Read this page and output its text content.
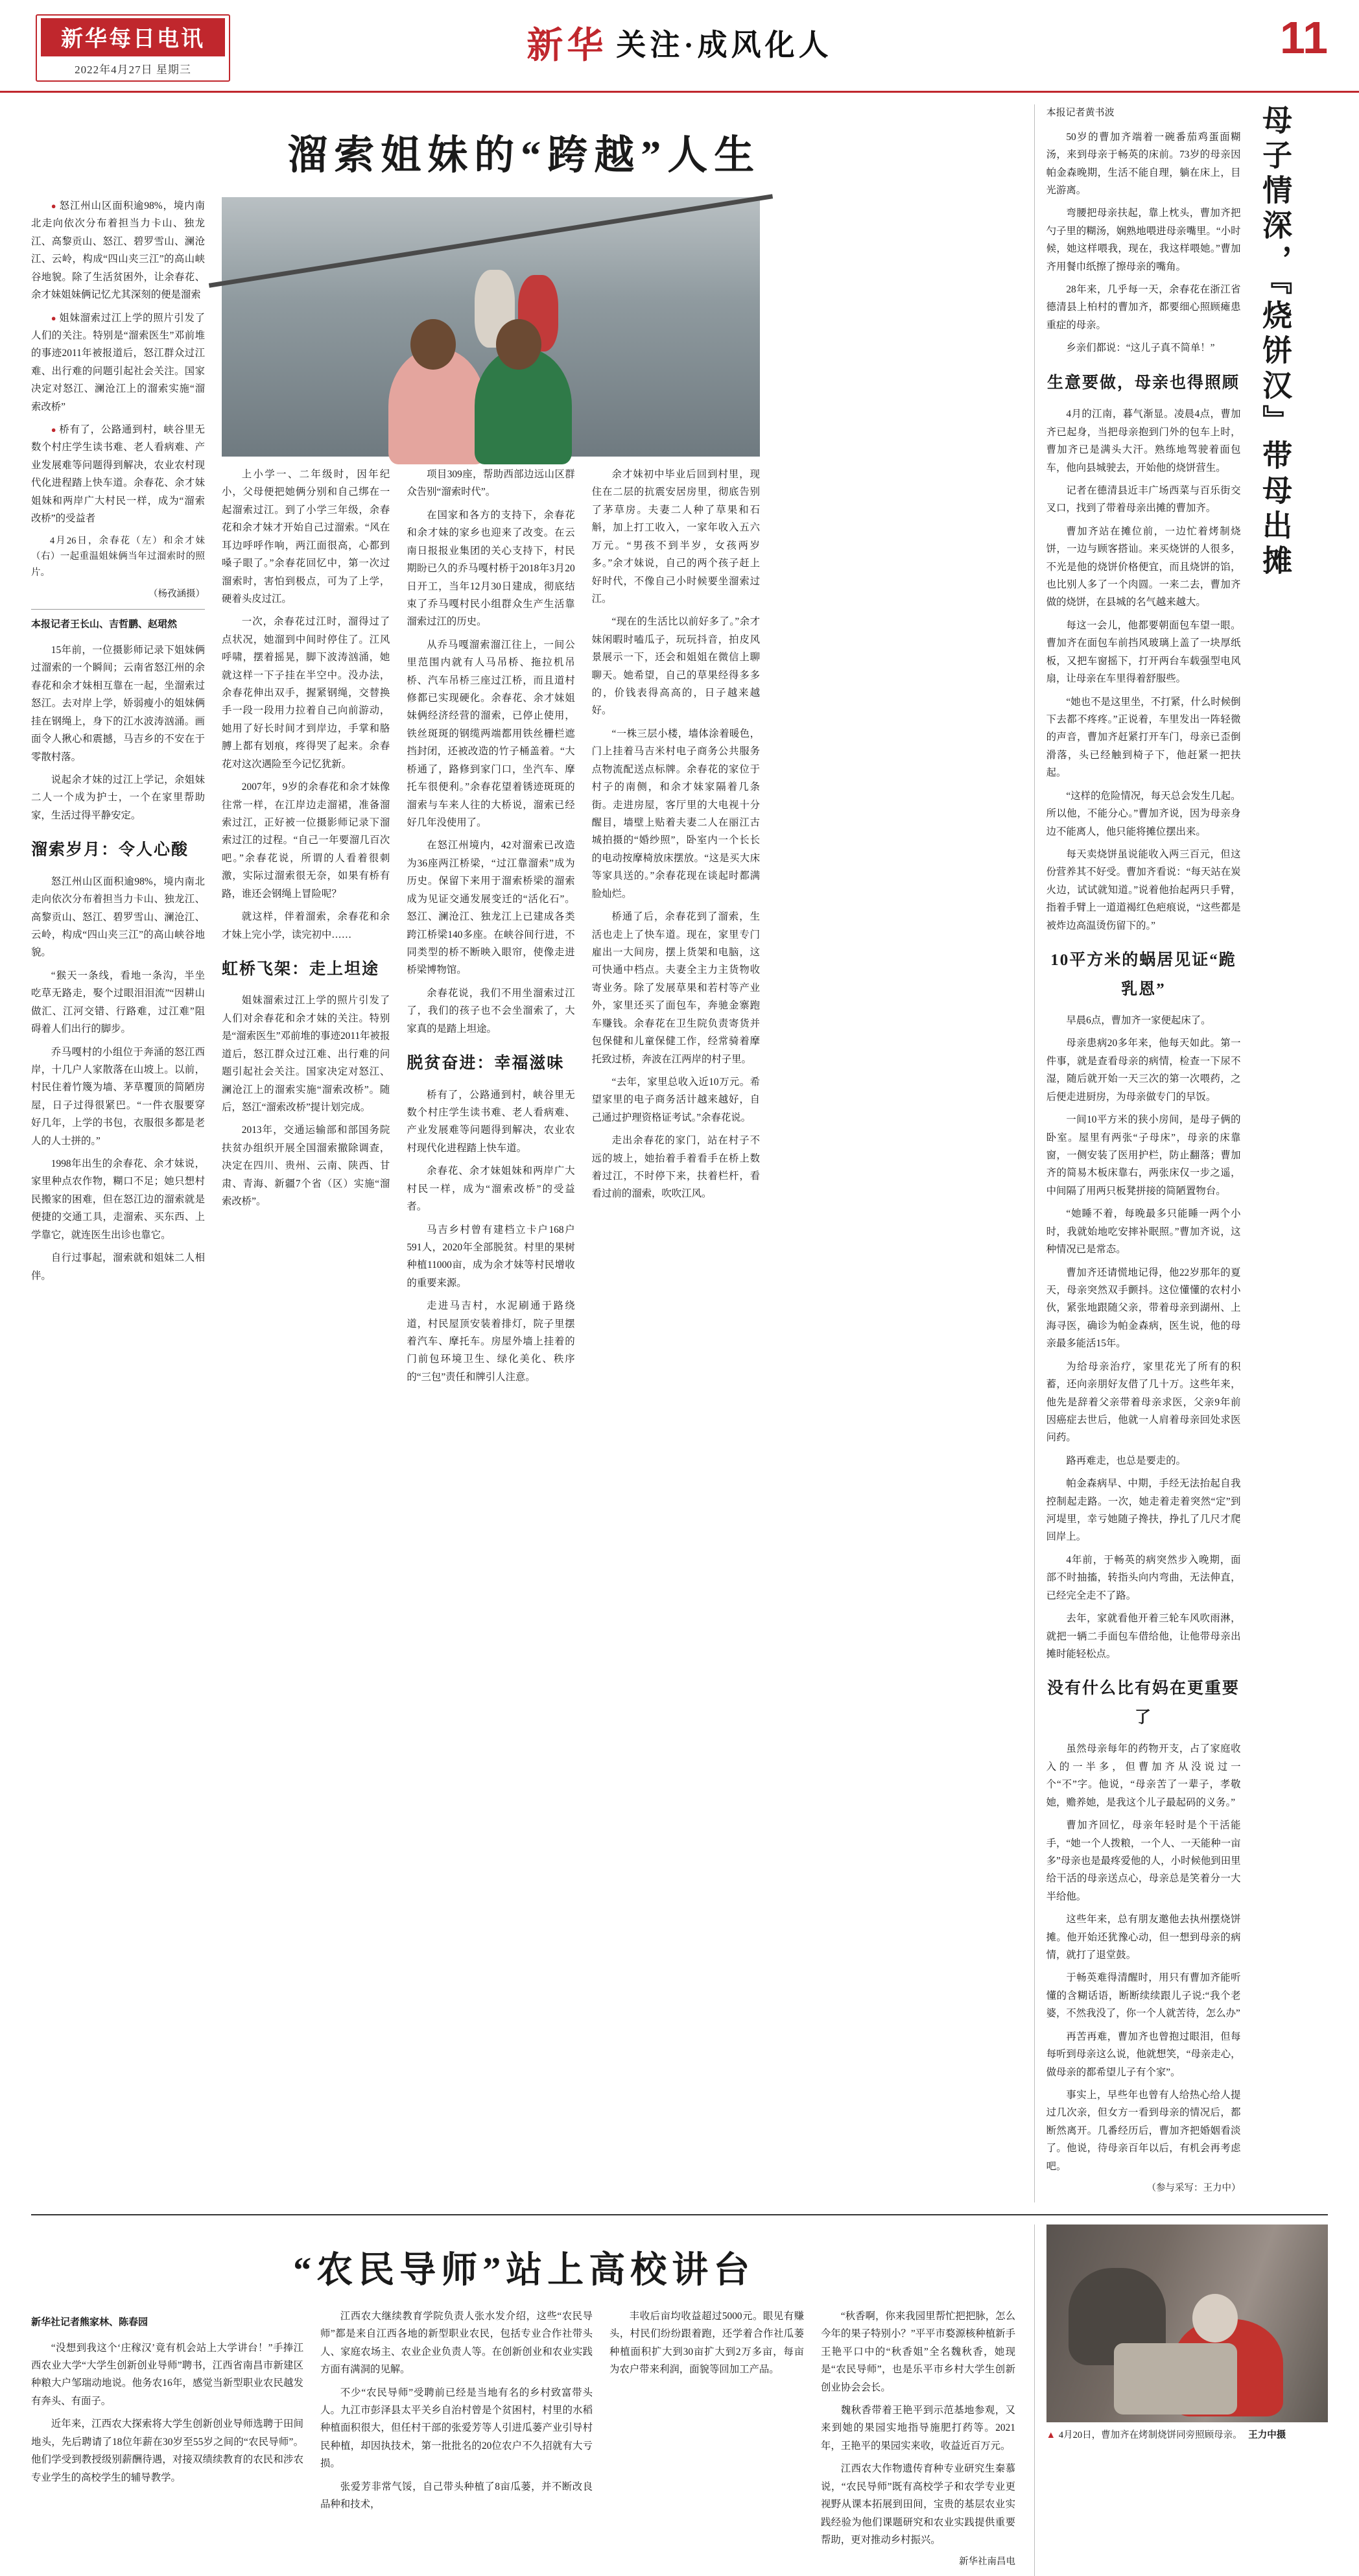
新华每日电讯
2022年4月27日 星期三
新华 关注·成风化人	11
溜索姐妹的“跨越”人生

● 怒江州山区面积逾98%，境内南北走向依次分布着担当力卡山、独龙江、高黎贡山、怒江、碧罗雪山、澜沧江、云岭，构成“四山夹三江”的高山峡谷地貌。除了生活贫困外，让余春花、余才妹姐妹俩记忆尤其深刻的便是溜索

● 姐妹溜索过江上学的照片引发了人们的关注。特别是“溜索医生”邓前堆的事迹2011年被报道后，怒江群众过江难、出行难的问题引起社会关注。国家决定对怒江、澜沧江上的溜索实施“溜索改桥”

● 桥有了，公路通到村，峡谷里无数个村庄学生读书难、老人看病难、产业发展难等问题得到解决，农业农村现代化进程踏上快车道。余春花、余才妹姐妹和两岸广大村民一样，成为“溜索改桥”的受益者

4月26日，余春花（左）和余才妹（右）一起重温姐妹俩当年过溜索时的照片。

（杨孜涵摄）

本报记者王长山、吉哲鹏、赵珺然

15年前，一位摄影师记录下姐妹俩过溜索的一个瞬间；云南省怒江州的余春花和余才妹相互靠在一起，坐溜索过怒江。去对岸上学，娇弱瘦小的姐妹俩挂在钢绳上，身下的江水波涛汹涌。画面令人揪心和震撼，马吉乡的不安在于零散村落。

说起余才妹的过江上学记，余姐妹二人一个成为护士，一个在家里帮助家，生活过得平静安定。

溜索岁月：令人心酸

怒江州山区面积逾98%，境内南北走向依次分布着担当力卡山、独龙江、高黎贡山、怒江、碧罗雪山、澜沧江、云岭，构成“四山夹三江”的高山峡谷地貌。

“猴天一条线，看地一条沟，半坐吃草无路走，娶个过眼泪泪流”“因耕山做汇、江河交错、行路难，过江难”阻碍着人们出行的脚步。

乔马嘎村的小组位于奔涌的怒江西岸，十几户人家散落在山坡上。以前，村民住着竹篾为墙、茅草覆顶的简陋房屋，日子过得很紧巴。“一件衣服要穿好几年，上学的书包，衣服很多都是老人的人士拼的。”

1998年出生的余春花、余才妹说，家里种点农作物，糊口不足；她只想村民搬家的困难，但在怒江边的溜索就是便捷的交通工具，走溜索、买东西、上学靠它，就连医生出诊也靠它。

自行过事起，溜索就和姐妹二人相伴。

上小学一、二年级时，因年纪小，父母便把她俩分别和自己绑在一起溜索过江。到了小学三年级，余春花和余才妹才开始自己过溜索。“风在耳边呼呼作响，两江面很高，心都到嗓子眼了。”余春花回忆中，第一次过溜索时，害怕到极点，可为了上学，硬着头皮过江。

一次，余春花过江时，溜得过了点状况，她溜到中间时停住了。江风呼啸，摆着摇晃，脚下波涛汹涌，她就这样一下子挂在半空中。没办法，余春花伸出双手，握紧钢绳，交替换手一段一段用力拉着自己向前游动，她用了好长时间才到岸边，手掌和胳膊上都有划痕，疼得哭了起来。余春花对这次遇险至今记忆犹新。

2007年，9岁的余春花和余才妹像往常一样，在江岸边走溜裙，准备溜索过江，正好被一位摄影师记录下溜索过江的过程。“自己一年要溜几百次吧。”余春花说，所谓的人看着很刺激，实际过溜索很无奈，如果有桥有路，谁还会钢绳上冒险呢？

就这样，伴着溜索，余春花和余才妹上完小学，读完初中……

虹桥飞架：走上坦途

姐妹溜索过江上学的照片引发了人们对余春花和余才妹的关注。特别是“溜索医生”邓前堆的事迹2011年被报道后，怒江群众过江难、出行难的问题引起社会关注。国家决定对怒江、澜沧江上的溜索实施“溜索改桥”。随后，怒江“溜索改桥”提计划完成。

2013年，交通运输部和部国务院扶贫办组织开展全国溜索撤除调查，决定在四川、贵州、云南、陕西、甘肃、青海、新疆7个省（区）实施“溜索改桥”。

项目309座，帮助西部边远山区群众告别“溜索时代”。

在国家和各方的支持下，余春花和余才妹的家乡也迎来了改变。在云南日报报业集团的关心支持下，村民期盼已久的乔马嘎村桥于2018年3月20日开工，当年12月30日建成，彻底结束了乔马嘎村民小组群众生产生活靠溜索过江的历史。

从乔马嘎溜索溜江往上，一间公里范围内就有人马吊桥、拖拉机吊桥、汽车吊桥三座过江桥，而且道村修都已实现硬化。余春花、余才妹姐妹俩经济经营的溜索，已停止使用，铁丝斑斑的钢缆两端都用铁丝栅栏遮挡封闭，还被改造的竹子桶盖着。“大桥通了，路修到家门口，坐汽车、摩托车很便利。”余春花望着锈迹斑斑的溜索与车来人往的大桥说，溜索已经好几年没使用了。

在怒江州境内，42对溜索已改造为36座两江桥梁，“过江靠溜索”成为历史。保留下来用于溜索桥梁的溜索成为见证交通发展变迁的“活化石”。怒江、澜沧江、独龙江上已建成各类跨江桥梁140多座。在峡谷间行进，不同类型的桥不断映入眼帘，使像走进桥梁博物馆。

余春花说，我们不用坐溜索过江了，我们的孩子也不会坐溜索了，大家真的是踏上坦途。

脱贫奋进：幸福滋味

桥有了，公路通到村，峡谷里无数个村庄学生读书难、老人看病难、产业发展难等问题得到解决，农业农村现代化进程踏上快车道。

余春花、余才妹姐妹和两岸广大村民一样，成为“溜索改桥”的受益者。

马吉乡村曾有建档立卡户168户591人，2020年全部脱贫。村里的果树种植11000亩，成为余才妹等村民增收的重要来源。

走进马吉村，水泥刷通于路绕道，村民屋顶安装着排灯，院子里摆着汽车、摩托车。房屋外墙上挂着的门前包环境卫生、绿化美化、秩序的“三包”责任和牌引人注意。

余才妹初中毕业后回到村里，现住在二层的抗震安居房里，彻底告别了茅草房。夫妻二人种了草果和石斛，加上打工收入，一家年收入五六万元。“男孩不到半岁，女孩两岁多。”余才妹说，自己的两个孩子赶上好时代，不像自己小时候要坐溜索过江。

“现在的生活比以前好多了。”余才妹闲暇时嗑瓜子，玩玩抖音，拍皮风景展示一下，还会和姐姐在微信上聊聊天。她希望，自己的草果经得多多的，价钱表得高高的，日子越来越好。

“一株三层小楼，墙体涂着暖色，门上挂着马吉米村电子商务公共服务点物流配送点标牌。余春花的家位于村子的南侧，和余才妹家隔着几条街。走进房屋，客厅里的大电视十分醒目，墙壁上贴着夫妻二人在丽江古城拍摄的“婚纱照”，卧室内一个长长的电动按摩椅放床摆放。“这是买大床等家具送的。”余春花现在谈起时都满脸灿烂。

桥通了后，余春花到了溜索，生活也走上了快车道。现在，家里专门雇出一大间房，摆上货架和电脑，这可快通中档点。夫妻全主力主货物收寄业务。除了发展草果和若村等产业外，家里还买了面包车，奔驰金寨跑车赚钱。余春花在卫生院负责寄货并包保健和儿童保健工作，经常骑着摩托致过桥，奔波在江两岸的村子里。

“去年，家里总收入近10万元。希望家里的电子商务活计越来越好，自己通过护理资格证考试。”余春花说。

走出余春花的家门，站在村子不远的坡上，她抬着手着看手在桥上数着过江，不时停下来，扶着栏杆，看看过前的溜索，吹吹江风。

本报记者黄书波

50岁的曹加齐端着一碗番茄鸡蛋面糊汤，来到母亲于畅英的床前。73岁的母亲因帕金森晚期，生活不能自理，躺在床上，目光游离。

弯腰把母亲扶起，靠上枕头，曹加齐把勺子里的糊汤，娴熟地喂进母亲嘴里。“小时候，她这样喂我，现在，我这样喂她。”曹加齐用餐巾纸擦了擦母亲的嘴角。

28年来，几乎每一天，余春花在浙江省德清县上柏村的曹加齐，都要细心照顾瘫患重症的母亲。

乡亲们都说：“这儿子真不简单！”

生意要做，母亲也得照顾

4月的江南，暮气渐显。凌晨4点，曹加齐已起身，当把母亲抱到门外的包车上时，曹加齐已是满头大汗。熟练地驾驶着面包车，他向县城驶去，开始他的烧饼营生。

记者在德清县近丰广场西菜与百乐街交叉口，找到了带着母亲出摊的曹加齐。

曹加齐站在摊位前，一边忙着烤制烧饼，一边与顾客搭讪。来买烧饼的人很多，不光是他的烧饼价格便宜，而且烧饼的馅，也比别人多了一个肉圆。一来二去，曹加齐做的烧饼，在县城的名气越来越大。

每这一会儿，他都要朝面包车望一眼。曹加齐在面包车前挡风玻璃上盖了一块厚纸板，又把车窗摇下，打开两台车载强型电风扇，让母亲在车里得着舒服些。

“她也不是这里坐，不打紧，什么时候倒下去都不疼疼。”正说着，车里发出一阵轻微的声音，曹加齐赶紧打开车门，母亲已歪倒滑落，头已经触到椅子下，他赶紧一把扶起。

“这样的危险情况，每天总会发生几起。所以他，不能分心。”曹加齐说，因为母亲身边不能离人，他只能将摊位摆出来。

每天卖烧饼虽说能收入两三百元，但这份营养其不好受。曹加齐看说：“每天站在炭火边，试试就知道。”说着他抬起两只手臂，指着手臂上一道道褐红色疤痕说，“这些都是被炸边高温烫伤留下的。”

10平方米的蜗居见证“跪乳恩”

早晨6点，曹加齐一家便起床了。

母亲患病20多年来，他每天如此。第一件事，就是查看母亲的病情，检查一下尿不湿，随后就开始一天三次的第一次喂药，之后便走进厨房，为母亲做专门的早饭。

一间10平方米的狭小房间，是母子俩的卧室。屋里有两张“子母床”，母亲的床靠窗，一侧安装了医用护栏，防止翻落；曹加齐的简易木板床靠右，两张床仅一步之遥，中间隔了用两只板凳拼接的简陋置物台。

“她睡不着，每晚最多只能睡一两个小时，我就始地吃安摔补眠照。”曹加齐说，这种情况已是常态。

曹加齐还请慌地记得，他22岁那年的夏天，母亲突然双手颤抖。这位懂懂的农村小伙，紧张地跟随父亲，带着母亲到湖州、上海寻医，确诊为帕金森病，医生说，他的母亲最多能活15年。

为给母亲治疗，家里花光了所有的积蓄，还向亲朋好友借了几十万。这些年来，他先是辞着父亲带着母亲求医，父亲9年前因癌症去世后，他就一人肩着母亲回处求医问药。

路再难走，也总是要走的。

帕金森病早、中期，手经无法抬起自我控制起走路。一次，她走着走着突然“定”到河堤里，幸亏她随子搀扶，挣扎了几尺才爬回岸上。

4年前，于畅英的病突然步入晚期，面部不时抽搐，转指头向内弯曲，无法伸直，已经完全走不了路。

去年，家就看他开着三轮车风吹雨淋，就把一辆二手面包车借给他，让他带母亲出摊时能轻松点。

没有什么比有妈在更重要了

虽然母亲每年的药物开支，占了家庭收入的一半多，但曹加齐从没说过一个“不”字。他说，“母亲苦了一辈子，孝敬她，赡养她，是我这个儿子最起码的义务。”

曹加齐回忆，母亲年轻时是个干活能手，“她一个人拨粮，一个人、一天能种一亩多”母亲也是最疼爱他的人，小时候他到田里给干活的母亲送点心，母亲总是笑着分一大半给他。

这些年来，总有朋友邀他去执州摆烧饼摊。他开始还犹豫心动，但一想到母亲的病情，就打了退堂鼓。

于畅英难得清醒时，用只有曹加齐能听懂的含糊话语，断断续续跟儿子说:“我个老婆，不然我没了，你一个人就苦待，怎么办”

再苦再难，曹加齐也曾抱过眼泪，但每每听到母亲这么说，他就想笑，“母亲走心，做母亲的都希望儿子有个家”。

事实上，早些年也曾有人给热心给人提过几次亲，但女方一看到母亲的情况后，都断然离开。几番经历后，曹加齐把婚姻看淡了。他说，待母亲百年以后，有机会再考虑吧。

（参与采写：王力中）

母子情深，『烧饼汉』带母出摊
“农民导师”站上高校讲台
新华社记者熊家林、陈春园

“没想到我这个‘庄稼汉’竟有机会站上大学讲台！”手捧江西农业大学“大学生创新创业导师”聘书，江西省南昌市新建区种粮大户邹瑞动地说。他务农16年，感觉当新型职业农民越发有奔头、有面子。

近年来，江西农大探索将大学生创新创业导师选聘于田间地头，先后聘请了18位年薪在30岁至55岁之间的“农民导师”。他们学受到教授级别薪酬待遇，对接双绩续教育的农民和涉农专业学生的高校学生的辅导教学。

江西农大继续教育学院负责人张水发介绍，这些“农民导师”都是来自江西各地的新型职业农民，包括专业合作社带头人、家庭农场主、农业企业负责人等。在创新创业和农业实践方面有满洞的见解。

不少“农民导师”受聘前已经是当地有名的乡村致富带头人。九江市彭泽县太平关乡自治村曾是个贫困村，村里的水稻种植面积很大，但任村干部的张爱芳等人引进瓜蒌产业引导村民种植，却因执技术，第一批批名的20位农户不久招就有大亏损。

张爱芳非常气馁，自己带头种植了8亩瓜蒌，并不断改良品种和技术，

丰收后亩均收益超过5000元。眼见有赚头，村民们纷纷跟着跑，还学着合作社瓜蒌种植面积扩大到30亩扩大到2万多亩，每亩为农户带来利润，面貌等回加工产品。

“秋香啊，你来我园里帮忙把把脉，怎么今年的果子特别小？”平平市婺源核种植新手王艳平口中的“秋香姐”全名魏秋香，她现是“农民导师”，也是乐平市乡村大学生创新创业协会会长。

魏秋香带着王艳平到示范基地参观，又来到她的果园实地指导施肥打药等。2021年，王艳平的果园实来收，收益近百万元。

江西农大作物遗传育种专业研究生秦慕说，“农民导师”既有高校学子和农学专业更视野从课本拓展到田间，宝贵的基层农业实践经验为他们课题研究和农业实践提供重要帮助，更对推动乡村振兴。

新华社南昌电

▲ 4月20日，曹加齐在烤制烧饼同旁照顾母亲。 王力中摄
